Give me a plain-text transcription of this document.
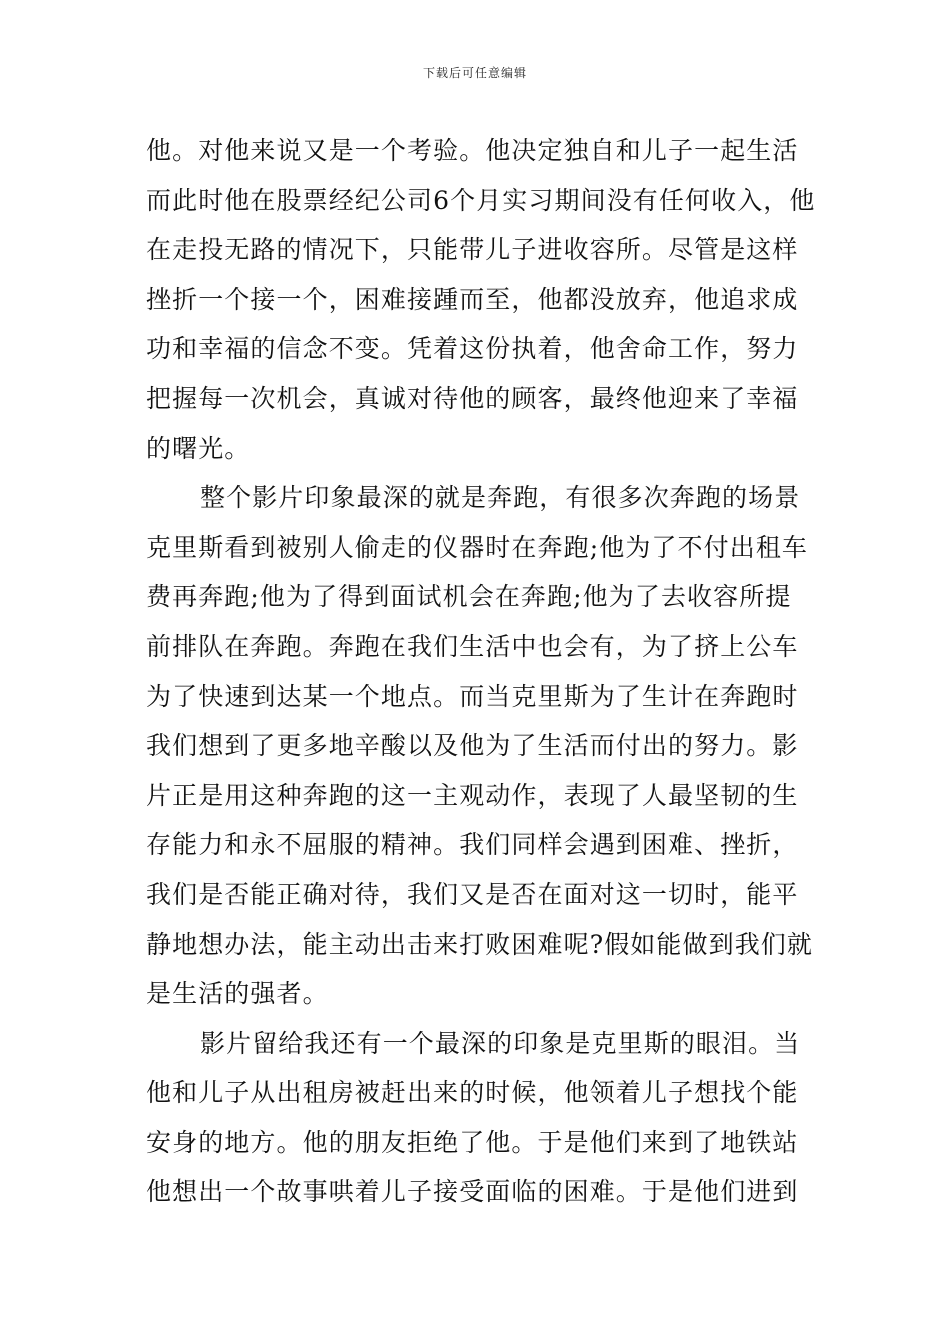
下载后可任意编辑
他。对他来说又是一个考验。他决定独自和儿子一起生活
而此时他在股票经纪公司6个月实习期间没有任何收入，他
在走投无路的情况下，只能带儿子进收容所。尽管是这样
挫折一个接一个，困难接踵而至，他都没放弃，他追求成
功和幸福的信念不变。凭着这份执着，他舍命工作，努力
把握每一次机会，真诚对待他的顾客，最终他迎来了幸福
的曙光。
整个影片印象最深的就是奔跑，有很多次奔跑的场景
克里斯看到被别人偷走的仪器时在奔跑;他为了不付出租车
费再奔跑;他为了得到面试机会在奔跑;他为了去收容所提
前排队在奔跑。奔跑在我们生活中也会有，为了挤上公车
为了快速到达某一个地点。而当克里斯为了生计在奔跑时
我们想到了更多地辛酸以及他为了生活而付出的努力。影
片正是用这种奔跑的这一主观动作，表现了人最坚韧的生
存能力和永不屈服的精神。我们同样会遇到困难、挫折，
我们是否能正确对待，我们又是否在面对这一切时，能平
静地想办法，能主动出击来打败困难呢?假如能做到我们就
是生活的强者。
影片留给我还有一个最深的印象是克里斯的眼泪。当
他和儿子从出租房被赶出来的时候，他领着儿子想找个能
安身的地方。他的朋友拒绝了他。于是他们来到了地铁站
他想出一个故事哄着儿子接受面临的困难。于是他们进到
